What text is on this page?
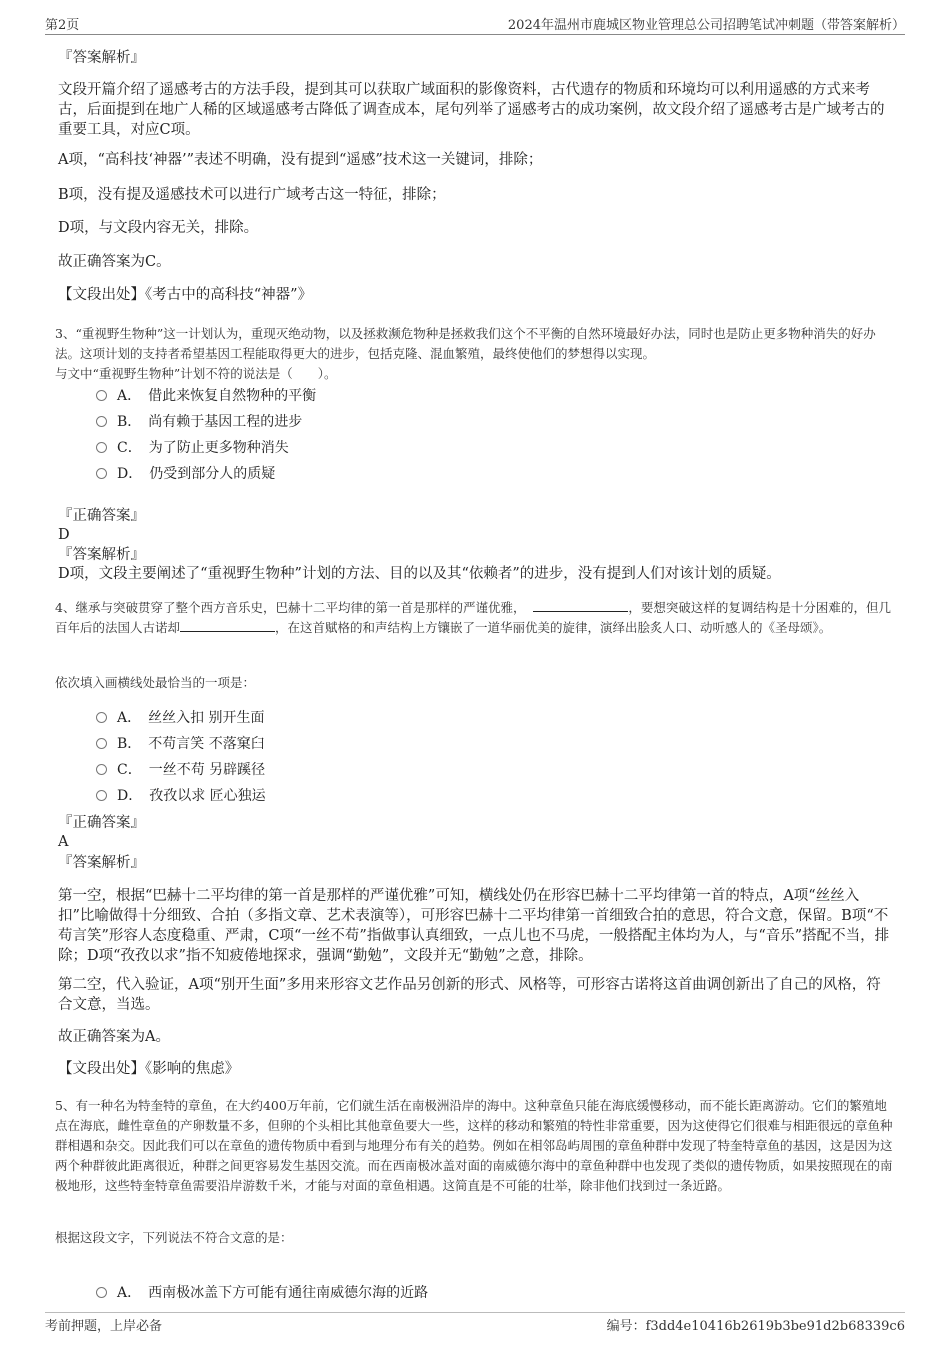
第2页	2024年温州市鹿城区物业管理总公司招聘笔试冲刺题（带答案解析）
『答案解析』
文段开篇介绍了遥感考古的方法手段，提到其可以获取广域面积的影像资料，古代遗存的物质和环境均可以利用遥感的方式来考古，后面提到在地广人稀的区域遥感考古降低了调查成本，尾句列举了遥感考古的成功案例，故文段介绍了遥感考古是广域考古的重要工具，对应C项。
A项，“高科技‘神器’”表述不明确，没有提到“遥感”技术这一关键词，排除；
B项，没有提及遥感技术可以进行广域考古这一特征，排除；
D项，与文段内容无关，排除。
故正确答案为C。
【文段出处】《考古中的高科技“神器”》
3、“重视野生物种”这一计划认为，重现灭绝动物，以及拯救濒危物种是拯救我们这个不平衡的自然环境最好办法，同时也是防止更多物种消失的好办法。这项计划的支持者希望基因工程能取得更大的进步，包括克隆、混血繁殖，最终使他们的梦想得以实现。
与文中“重视野生物种”计划不符的说法是（　　）。
A．　借此来恢复自然物种的平衡
B．　尚有赖于基因工程的进步
C．　为了防止更多物种消失
D．　仍受到部分人的质疑
『正确答案』
D
『答案解析』
D项，文段主要阐述了“重视野生物种”计划的方法、目的以及其“依赖者”的进步，没有提到人们对该计划的质疑。
4、继承与突破贯穿了整个西方音乐史，巴赫十二平均律的第一首是那样的严谨优雅，	，要想突破这样的复调结构是十分困难的，但几百年后的法国人古诺却	，在这首赋格的和声结构上方镶嵌了一道华丽优美的旋律，演绎出脍炙人口、动听感人的《圣母颂》。
依次填入画横线处最恰当的一项是：
A．　丝丝入扣 别开生面
B．　不苟言笑 不落窠臼
C．　一丝不苟 另辟蹊径
D．　孜孜以求 匠心独运
『正确答案』
A
『答案解析』
第一空，根据“巴赫十二平均律的第一首是那样的严谨优雅”可知，横线处仍在形容巴赫十二平均律第一首的特点，A项“丝丝入扣”比喻做得十分细致、合拍（多指文章、艺术表演等），可形容巴赫十二平均律第一首细致合拍的意思，符合文意，保留。B项“不苟言笑”形容人态度稳重、严肃，C项“一丝不苟”指做事认真细致，一点儿也不马虎，一般搭配主体均为人，与“音乐”搭配不当，排除；D项“孜孜以求”指不知疲倦地探求，强调“勤勉”，文段并无“勤勉”之意，排除。
第二空，代入验证，A项“别开生面”多用来形容文艺作品另创新的形式、风格等，可形容古诺将这首曲调创新出了自己的风格，符合文意，当选。
故正确答案为A。
【文段出处】《影响的焦虑》
5、有一种名为特奎特的章鱼，在大约400万年前，它们就生活在南极洲沿岸的海中。这种章鱼只能在海底缓慢移动，而不能长距离游动。它们的繁殖地点在海底，雌性章鱼的产卵数量不多，但卵的个头相比其他章鱼要大一些，这样的移动和繁殖的特性非常重要，因为这使得它们很难与相距很远的章鱼种群相遇和杂交。因此我们可以在章鱼的遗传物质中看到与地理分布有关的趋势。例如在相邻岛屿周围的章鱼种群中发现了特奎特章鱼的基因，这是因为这两个种群彼此距离很近，种群之间更容易发生基因交流。而在西南极冰盖对面的南威德尔海中的章鱼种群中也发现了类似的遗传物质，如果按照现在的南极地形，这些特奎特章鱼需要沿岸游数千米，才能与对面的章鱼相遇。这简直是不可能的壮举，除非他们找到过一条近路。
根据这段文字，下列说法不符合文意的是：
A．　西南极冰盖下方可能有通往南威德尔海的近路
考前押题，上岸必备	编号：f3dd4e10416b2619b3be91d2b68339c6
